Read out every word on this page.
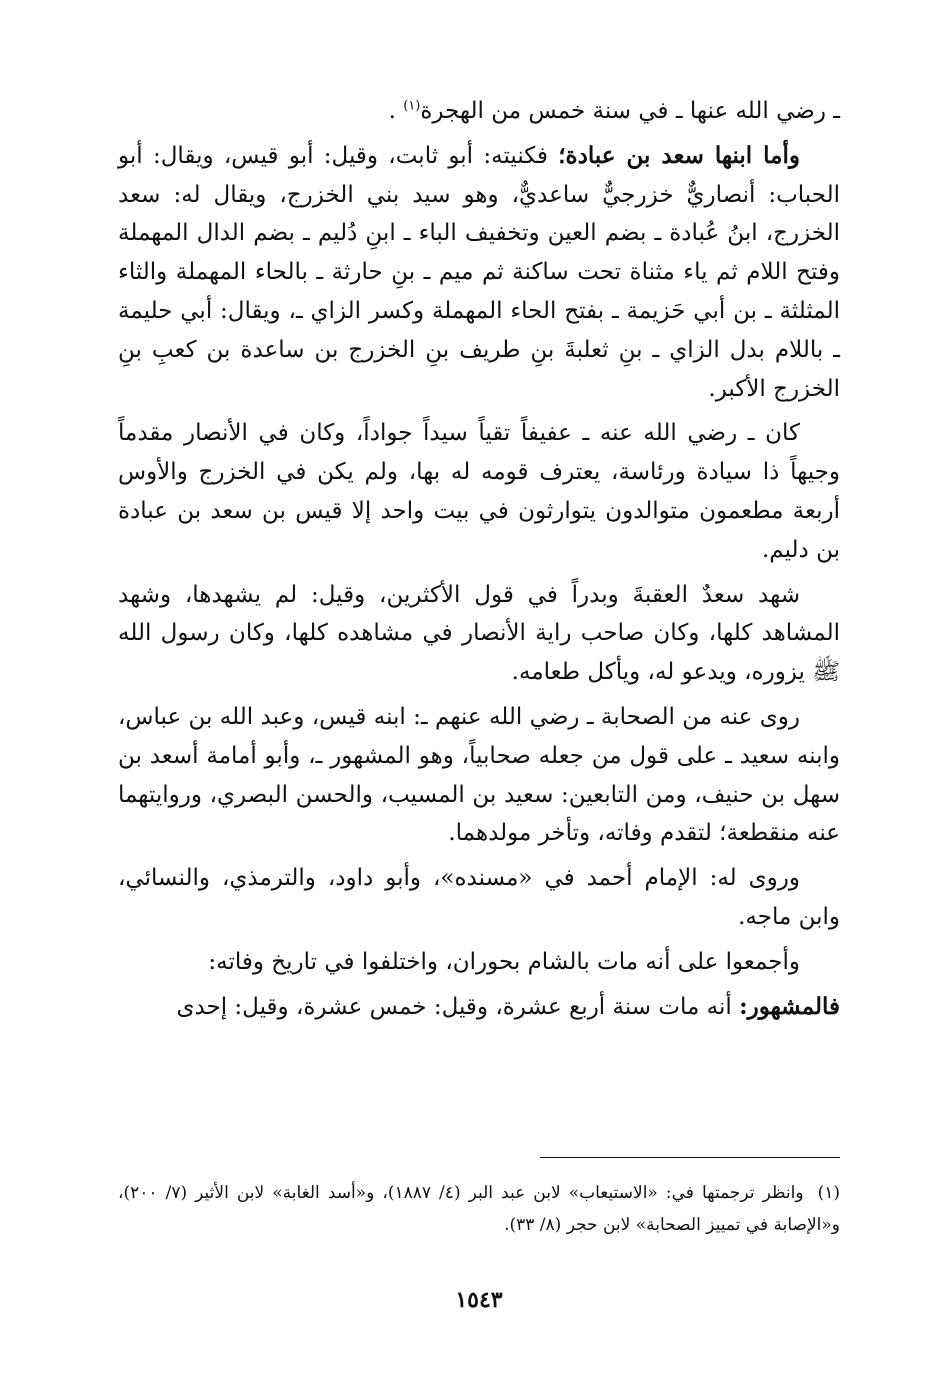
ـ رضي الله عنها ـ في سنة خمس من الهجرة$^{(١)}$ .

وأما ابنها سعد بن عبادة؛ فكنيته: أبو ثابت، وقيل: أبو قيس، ويقال: أبو الحباب: أنصاريٌّ خزرجيٌّ ساعديٌّ، وهو سيد بني الخزرج، ويقال له: سعد الخزرج، ابنُ عُبادة ـ بضم العين وتخفيف الباء ـ ابنِ دُليم ـ بضم الدال المهملة وفتح اللام ثم ياء مثناة تحت ساكنة ثم ميم ـ بنِ حارثة ـ بالحاء المهملة والثاء المثلثة ـ بن أبي حَزيمة ـ بفتح الحاء المهملة وكسر الزاي ـ، ويقال: أبي حليمة ـ باللام بدل الزاي ـ بنِ ثعلبةَ بنِ طريف بنِ الخزرج بن ساعدة بن كعبِ بنِ الخزرج الأكبر.

كان ـ رضي الله عنه ـ عفيفاً تقياً سيداً جواداً، وكان في الأنصار مقدماً وجيهاً ذا سيادة ورئاسة، يعترف قومه له بها، ولم يكن في الخزرج والأوس أربعة مطعمون متوالدون يتوارثون في بيت واحد إلا قيس بن سعد بن عبادة بن دليم.

شهد سعدٌ العقبةَ وبدراً في قول الأكثرين، وقيل: لم يشهدها، وشهد المشاهد كلها، وكان صاحب راية الأنصار في مشاهده كلها، وكان رسول الله ﷺ يزوره، ويدعو له، ويأكل طعامه.

روى عنه من الصحابة ـ رضي الله عنهم ـ: ابنه قيس، وعبد الله بن عباس، وابنه سعيد ـ على قول من جعله صحابياً، وهو المشهور ـ، وأبو أمامة أسعد بن سهل بن حنيف، ومن التابعين: سعيد بن المسيب، والحسن البصري، وروايتهما عنه منقطعة؛ لتقدم وفاته، وتأخر مولدهما.

وروى له: الإمام أحمد في «مسنده»، وأبو داود، والترمذي، والنسائي، وابن ماجه.

وأجمعوا على أنه مات بالشام بحوران، واختلفوا في تاريخ وفاته:

فالمشهور: أنه مات سنة أربع عشرة، وقيل: خمس عشرة، وقيل: إحدى

(١)وانظر ترجمتها في: «الاستيعاب» لابن عبد البر (٤/ ١٨٨٧)، و«أسد الغابة» لابن الأثير (٧/ ٢٠٠)، و«الإصابة في تمييز الصحابة» لابن حجر (٨/ ٣٣).

١٥٤٣
